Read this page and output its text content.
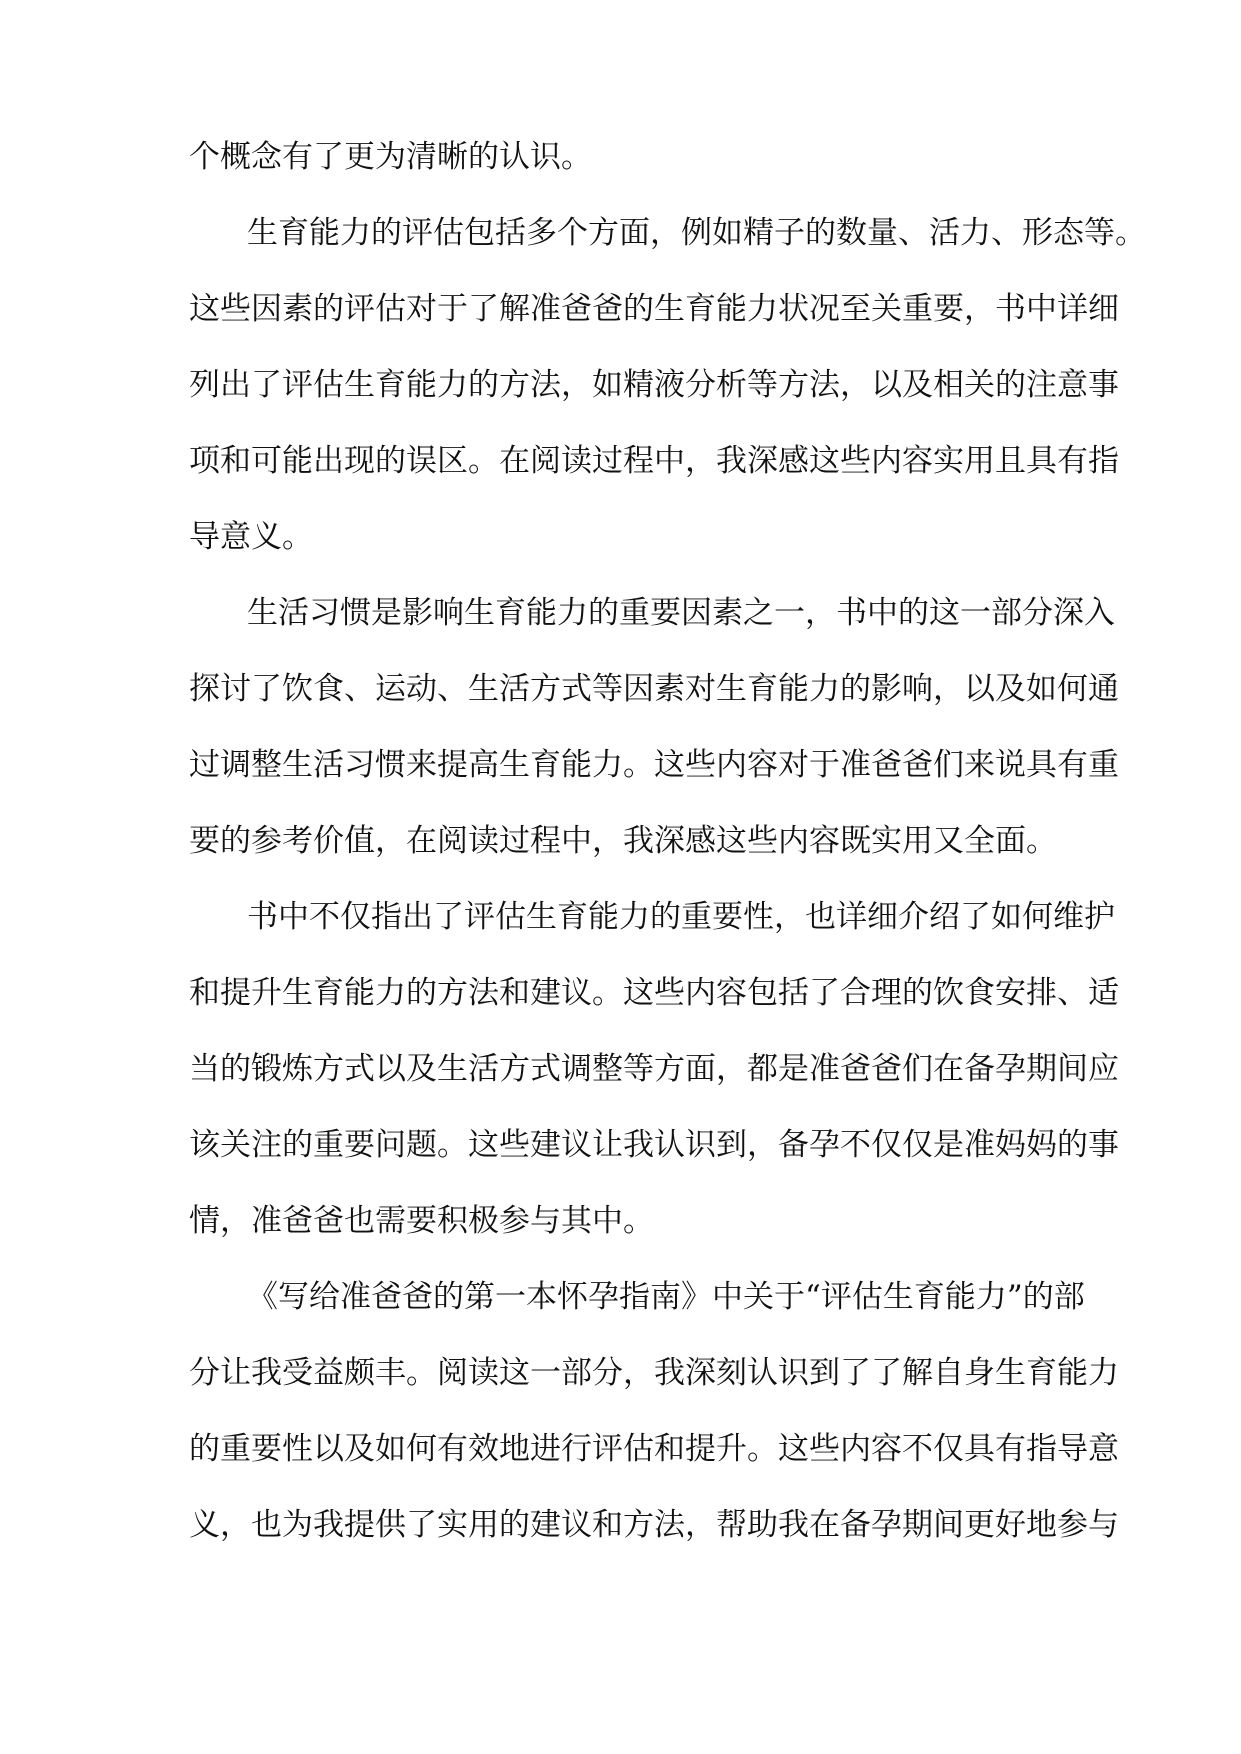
个概念有了更为清晰的认识。
生育能力的评估包括多个方面，例如精子的数量、活力、形态等。
这些因素的评估对于了解准爸爸的生育能力状况至关重要，书中详细
列出了评估生育能力的方法，如精液分析等方法，以及相关的注意事
项和可能出现的误区。在阅读过程中，我深感这些内容实用且具有指
导意义。
生活习惯是影响生育能力的重要因素之一，书中的这一部分深入
探讨了饮食、运动、生活方式等因素对生育能力的影响，以及如何通
过调整生活习惯来提高生育能力。这些内容对于准爸爸们来说具有重
要的参考价值，在阅读过程中，我深感这些内容既实用又全面。
书中不仅指出了评估生育能力的重要性，也详细介绍了如何维护
和提升生育能力的方法和建议。这些内容包括了合理的饮食安排、适
当的锻炼方式以及生活方式调整等方面，都是准爸爸们在备孕期间应
该关注的重要问题。这些建议让我认识到，备孕不仅仅是准妈妈的事
情，准爸爸也需要积极参与其中。
《写给准爸爸的第一本怀孕指南》中关于“评估生育能力”的部
分让我受益颇丰。阅读这一部分，我深刻认识到了了解自身生育能力
的重要性以及如何有效地进行评估和提升。这些内容不仅具有指导意
义，也为我提供了实用的建议和方法，帮助我在备孕期间更好地参与
